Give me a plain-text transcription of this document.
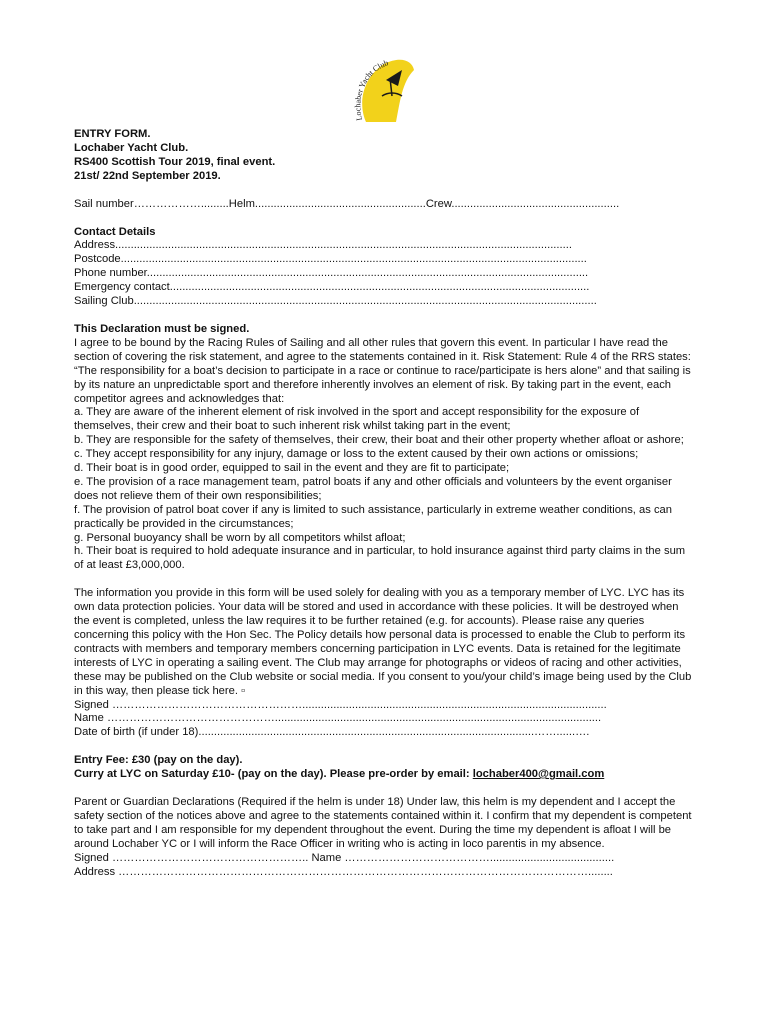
Lochaber Yacht Club
ENTRY FORM.
Lochaber Yacht Club.
RS400 Scottish Tour 2019, final event.
21st/ 22nd September 2019.
Sail number……………….........Helm.......................................................Crew......................................................
Contact Details
Address...................................................................................................................................................
Postcode......................................................................................................................................................
Phone number..............................................................................................................................................
Emergency contact.......................................................................................................................................
Sailing Club.....................................................................................................................................................
This Declaration must be signed.

I agree to be bound by the Racing Rules of Sailing and all other rules that govern this event. In particular I have read the section of covering the risk statement, and agree to the statements contained in it. Risk Statement: Rule 4 of the RRS states: “The responsibility for a boat’s decision to participate in a race or continue to race/participate is hers alone” and that sailing is by its nature an unpredictable sport and therefore inherently involves an element of risk. By taking part in the event, each competitor agrees and acknowledges that:

a. They are aware of the inherent element of risk involved in the sport and accept responsibility for the exposure of themselves, their crew and their boat to such inherent risk whilst taking part in the event;

b. They are responsible for the safety of themselves, their crew, their boat and their other property whether afloat or ashore;

c. They accept responsibility for any injury, damage or loss to the extent caused by their own actions or omissions;

d. Their boat is in good order, equipped to sail in the event and they are fit to participate;

e. The provision of a race management team, patrol boats if any and other officials and volunteers by the event organiser does not relieve them of their own responsibilities;

f. The provision of patrol boat cover if any is limited to such assistance, particularly in extreme weather conditions, as can practically be provided in the circumstances;

g. Personal buoyancy shall be worn by all competitors whilst afloat;

h. Their boat is required to hold adequate insurance and in particular, to hold insurance against third party claims in the sum of at least £3,000,000.

The information you provide in this form will be used solely for dealing with you as a temporary member of LYC. LYC has its own data protection policies. Your data will be stored and used in accordance with these policies. It will be destroyed when the event is completed, unless the law requires it to be further retained (e.g. for accounts). Please raise any queries concerning this policy with the Hon Sec. The Policy details how personal data is processed to enable the Club to perform its contracts with members and temporary members concerning participation in LYC events. Data is retained for the legitimate interests of LYC in operating a sailing event. The Club may arrange for photographs or videos of racing and other activities, these may be published on the Club website or social media. If you consent to you/your child’s image being used by the Club in this way, then please tick here. ▫

Signed ……………………………………………..................................................................................................
Name ……………………………………….........................................................................................................
Date of birth (if under 18)............................................................................................................……......….
Entry Fee: £30 (pay on the day).
Curry at LYC on Saturday £10- (pay on the day). Please pre-order by email: lochaber400@gmail.com

Parent or Guardian Declarations (Required if the helm is under 18) Under law, this helm is my dependent and I accept the safety section of the notices above and agree to the statements contained within it. I confirm that my dependent is competent to take part and I am responsible for my dependent throughout the event. During the time my dependent is afloat I will be around Lochaber YC or I will inform the Race Officer in writing who is acting in loco parentis in my absence.

Signed …………………………………………….. Name …………………………………........................................
Address ………………………………………………………………………………………………………………........
